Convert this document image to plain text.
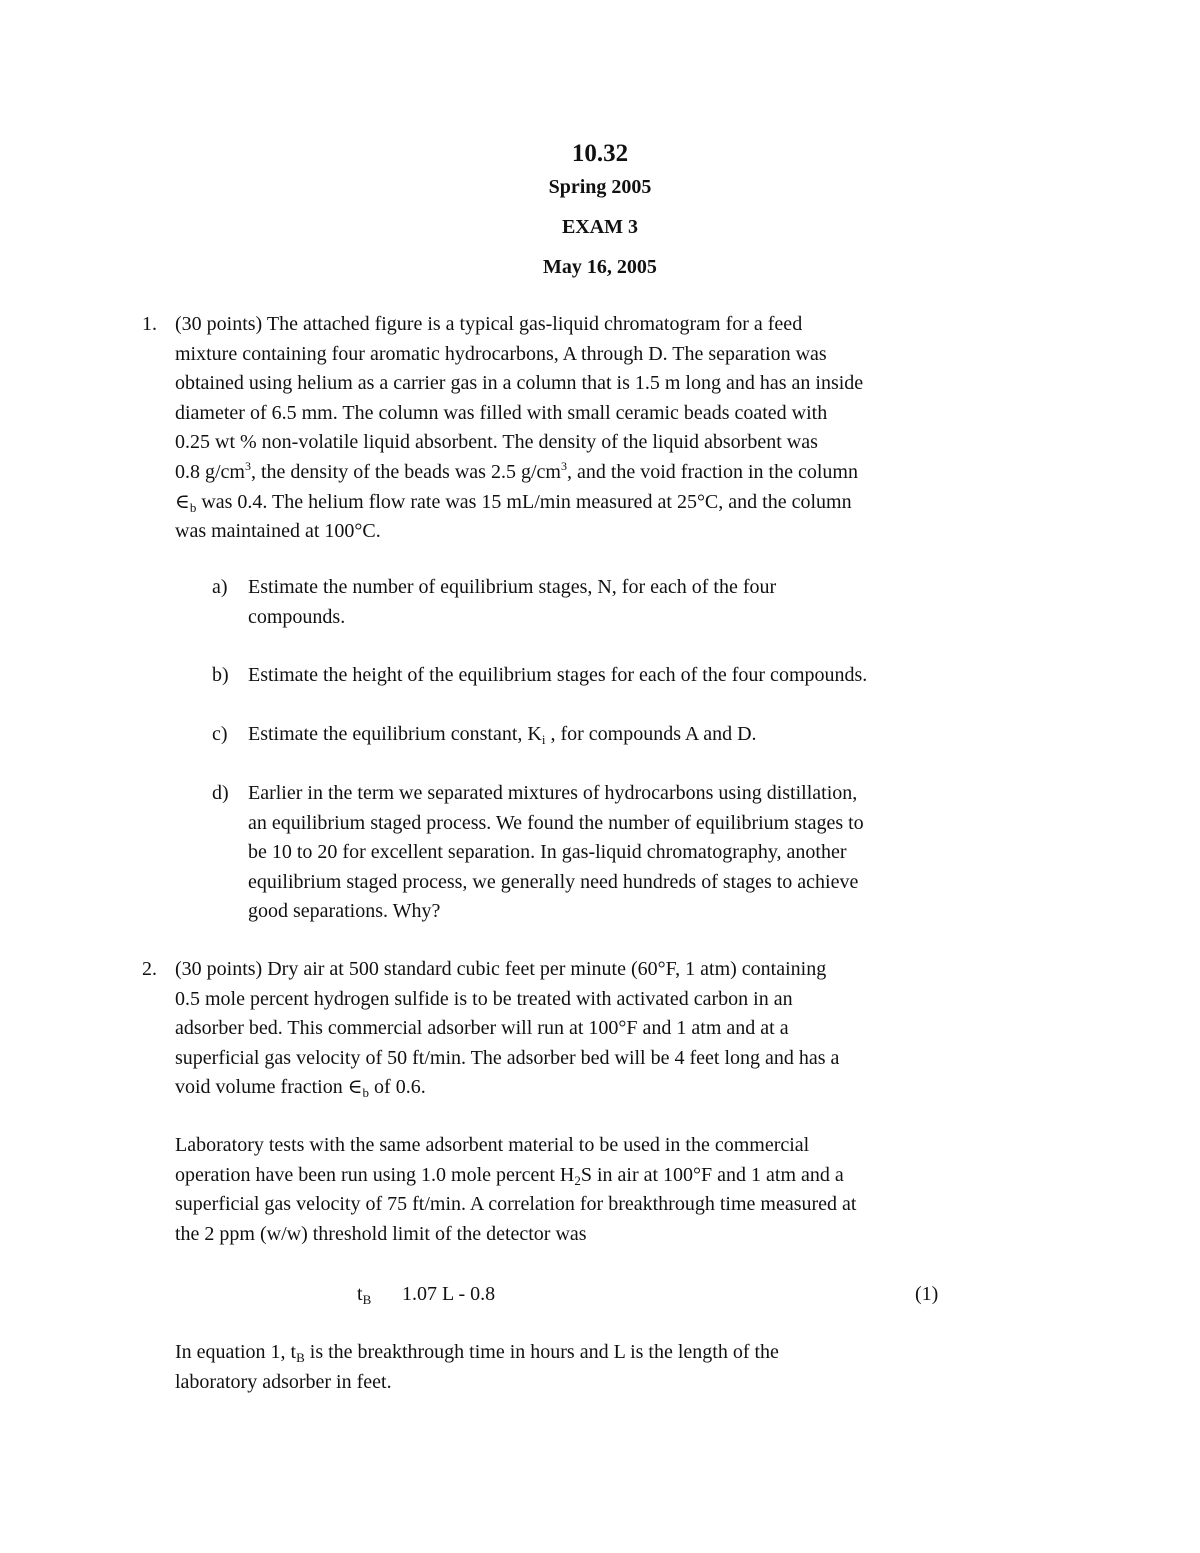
10.32
Spring 2005
EXAM 3
May 16, 2005
1. (30 points) The attached figure is a typical gas-liquid chromatogram for a feed
mixture containing four aromatic hydrocarbons, A through D. The separation was
obtained using helium as a carrier gas in a column that is 1.5 m long and has an inside
diameter of 6.5 mm. The column was filled with small ceramic beads coated with
0.25 wt % non-volatile liquid absorbent. The density of the liquid absorbent was
0.8 $g/cm^3$, the density of the beads was 2.5 $g/cm^3$, and the void fraction in the column
$\in_b$ was 0.4. The helium flow rate was 15 mL/min measured at 25°C, and the column
was maintained at 100°C.
a) Estimate the number of equilibrium stages, N, for each of the four
compounds.
b) Estimate the height of the equilibrium stages for each of the four compounds.
c) Estimate the equilibrium constant, $K_i$ , for compounds A and D.
d) Earlier in the term we separated mixtures of hydrocarbons using distillation,
an equilibrium staged process. We found the number of equilibrium stages to
be 10 to 20 for excellent separation. In gas-liquid chromatography, another
equilibrium staged process, we generally need hundreds of stages to achieve
good separations. Why?
2. (30 points) Dry air at 500 standard cubic feet per minute (60°F, 1 atm) containing
0.5 mole percent hydrogen sulfide is to be treated with activated carbon in an
adsorber bed. This commercial adsorber will run at 100°F and 1 atm and at a
superficial gas velocity of 50 ft/min. The adsorber bed will be 4 feet long and has a
void volume fraction $\in_b$ of 0.6.
Laboratory tests with the same adsorbent material to be used in the commercial
operation have been run using 1.0 mole percent $H_2S$ in air at 100°F and 1 atm and a
superficial gas velocity of 75 ft/min. A correlation for breakthrough time measured at
the 2 ppm (w/w) threshold limit of the detector was
$t_B$ 1.07 L - 0.8	(1)
In equation 1, $t_B$ is the breakthrough time in hours and L is the length of the
laboratory adsorber in feet.
